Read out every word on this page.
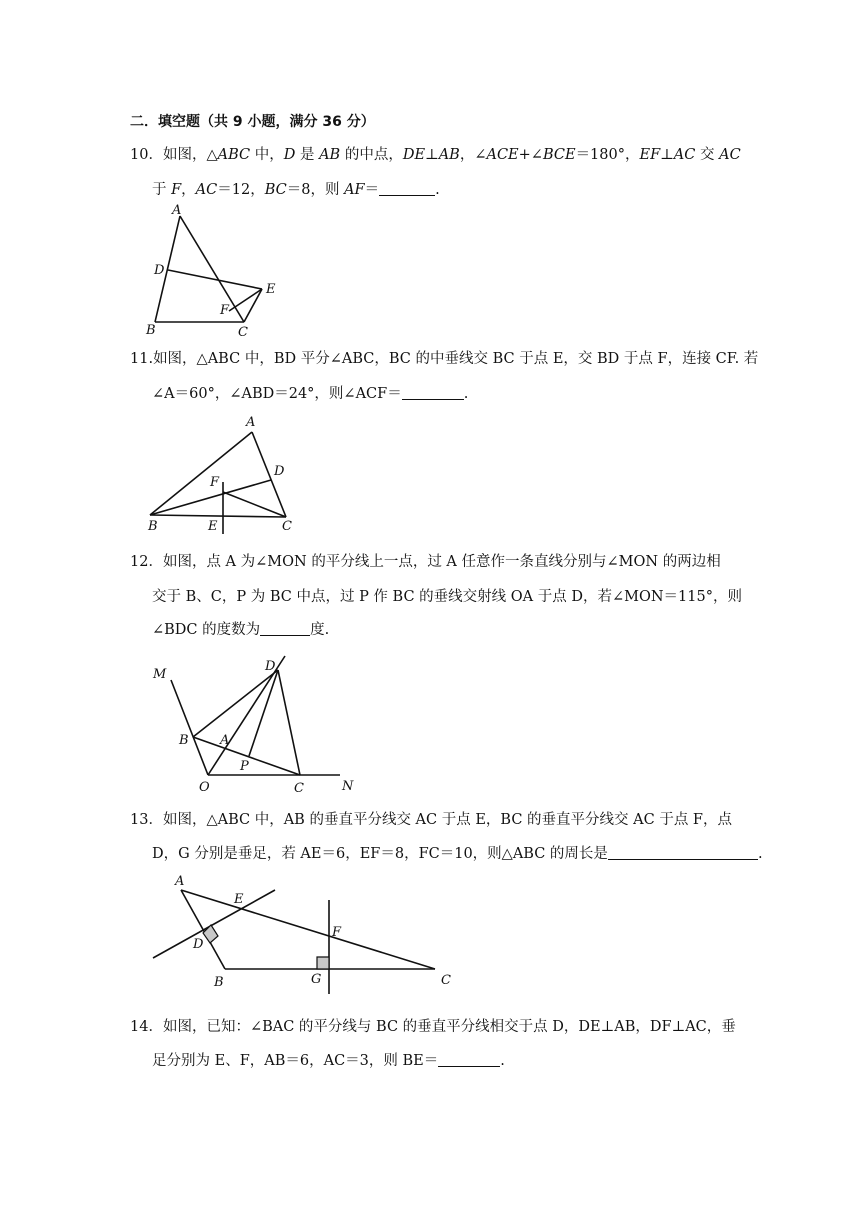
二．填空题（共 9 小题，满分 36 分）
10．如图，△ABC 中，D 是 AB 的中点，DE⊥AB，∠ACE+∠BCE＝180°，EF⊥AC 交 AC
于 F，AC＝12，BC＝8，则 AF＝	.
A
D
E
F
B	C
11.如图，△ABC 中，BD 平分∠ABC，BC 的中垂线交 BC 于点 E，交 BD 于点 F，连接 CF. 若
∠A＝60°，∠ABD＝24°，则∠ACF＝	.
A
D
F
B	E	C
12．如图，点 A 为∠MON 的平分线上一点，过 A 任意作一条直线分别与∠MON 的两边相
交于 B、C，P 为 BC 中点，过 P 作 BC 的垂线交射线 OA 于点 D，若∠MON＝115°，则
∠BDC 的度数为	度.
M
D
B A
P
O	C	N
13．如图，△ABC 中，AB 的垂直平分线交 AC 于点 E，BC 的垂直平分线交 AC 于点 F，点
D，G 分别是垂足，若 AE＝6，EF＝8，FC＝10，则△ABC 的周长是	.
A
E
D
F
B	G	C
14．如图，已知：∠BAC 的平分线与 BC 的垂直平分线相交于点 D，DE⊥AB，DF⊥AC，垂
足分别为 E、F，AB＝6，AC＝3，则 BE＝	.
